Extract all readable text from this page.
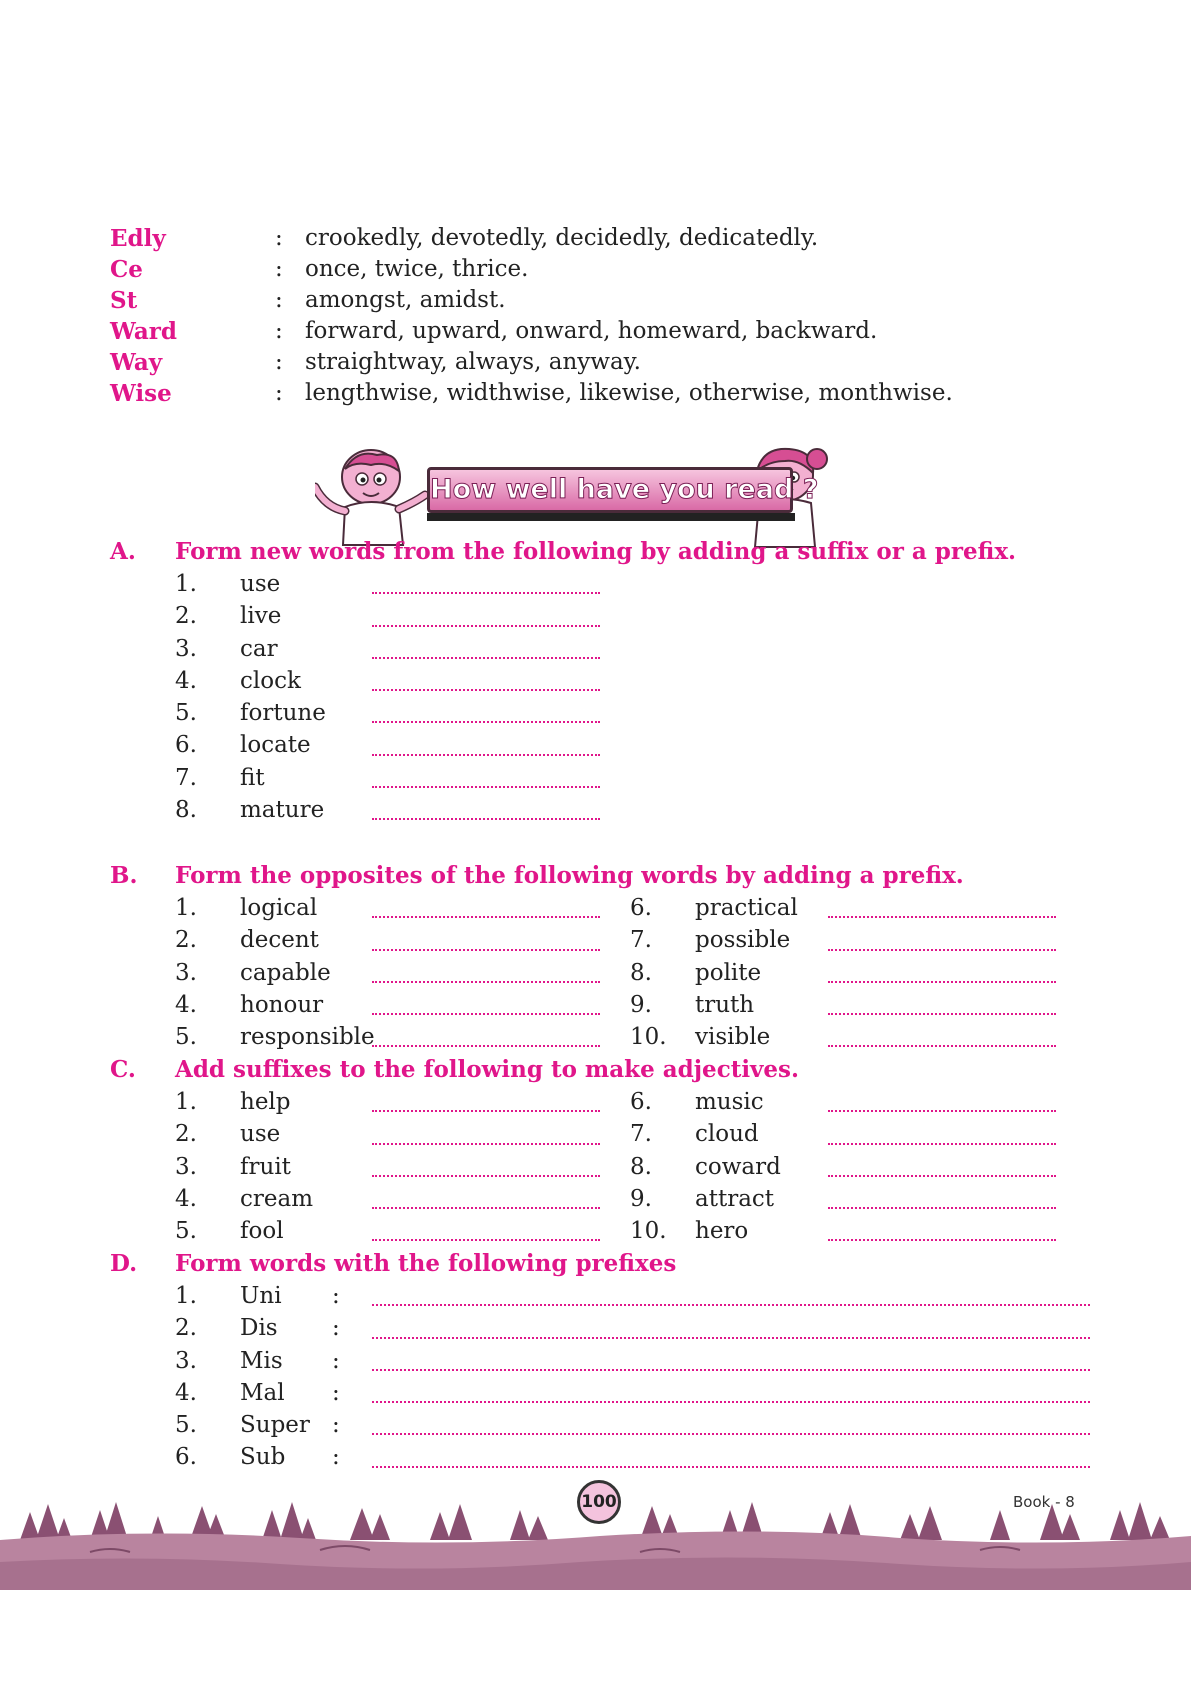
Edly	: crookedly, devotedly, decidedly, dedicatedly.
Ce	: once, twice, thrice.
St	: amongst, amidst.
Ward	: forward, upward, onward, homeward, backward.
Way	: straightway, always, anyway.
Wise	: lengthwise, widthwise, likewise, otherwise, monthwise.
How well have you read ?
A. Form new words from the following by adding a suffix or a prefix.
1. use
2. live
3. car
4. clock
5. fortune
6. locate
7. fit
8. mature
B. Form the opposites of the following words by adding a prefix.
1. logical	6. practical
2. decent	7. possible
3. capable	8. polite
4. honour	9. truth
5. responsible	10. visible
C. Add suffixes to the following to make adjectives.
1. help	6. music
2. use	7. cloud
3. fruit	8. coward
4. cream	9. attract
5. fool	10. hero
D. Form words with the following prefixes
1. Uni :
2. Dis :
3. Mis :
4. Mal :
5. Super :
6. Sub :
100	Book - 8
